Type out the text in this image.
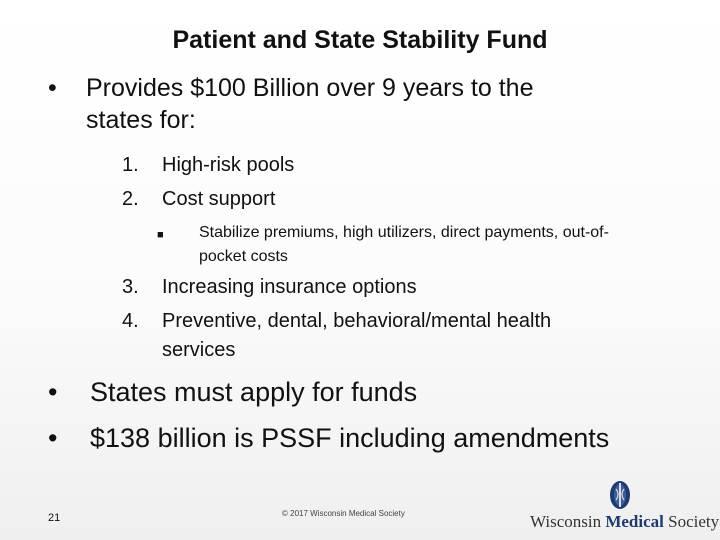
Patient and State Stability Fund
• Provides $100 Billion over 9 years to the
states for:
1. High-risk pools
2. Cost support
■ Stabilize premiums, high utilizers, direct payments, out-of-
pocket costs
3. Increasing insurance options
4. Preventive, dental, behavioral/mental health services
• States must apply for funds
• $138 billion is PSSF including amendments
21	© 2017 Wisconsin Medical Society	Wisconsin Medical Society
